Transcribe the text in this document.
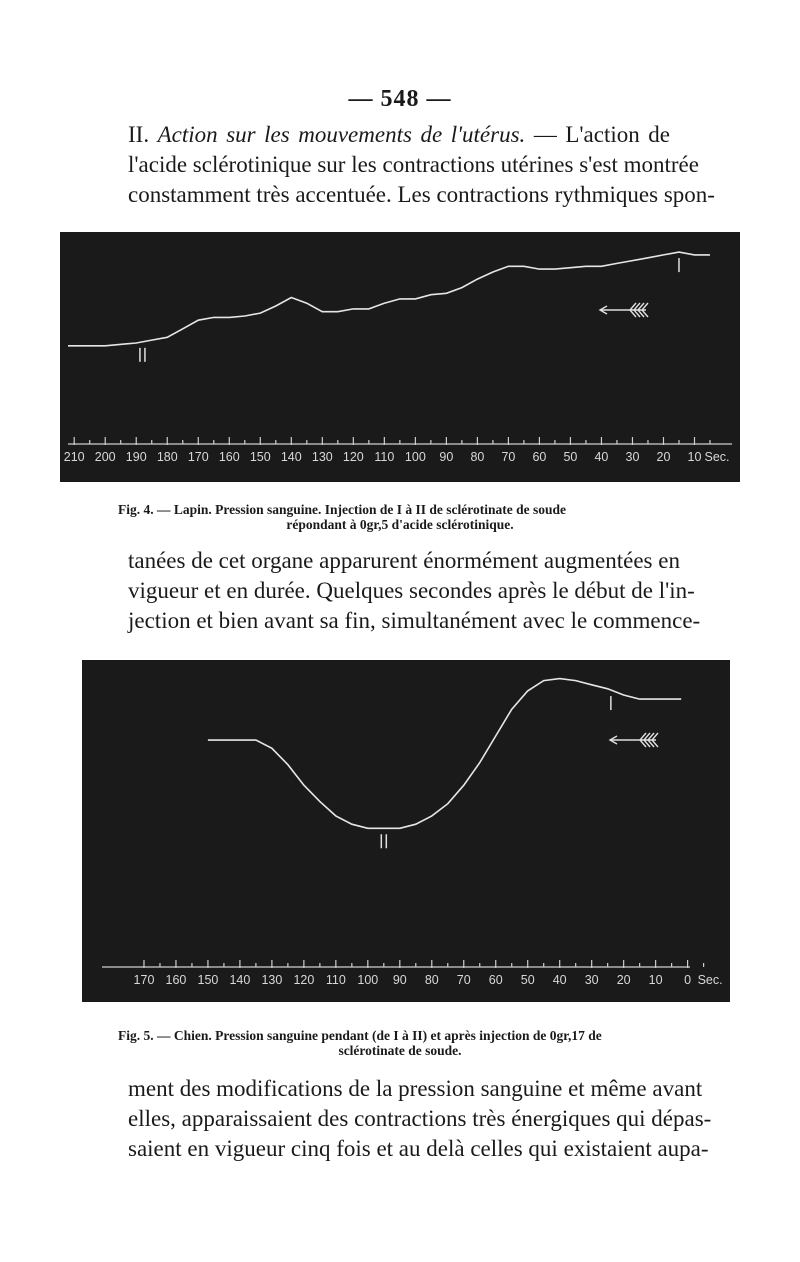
— 548 —
II. Action sur les mouvements de l'utérus. — L'action de
l'acide sclérotinique sur les contractions utérines s'est montrée
constamment très accentuée. Les contractions rythmiques spon-
210 200 190 180 170 160 150 140 130 120 110 100 90 80 70 60 50 40 30 20 10 Sec.

Fig. 4. — Lapin. Pression sanguine. Injection de I à II de sclérotinate de soude
répondant à 0gr,5 d'acide sclérotinique.

tanées de cet organe apparurent énormément augmentées en
vigueur et en durée. Quelques secondes après le début de l'in-
jection et bien avant sa fin, simultanément avec le commence-
170 160 150 140 130 120 110 100 90 80 70 60 50 40 30 20 10 0 Sec.

Fig. 5. — Chien. Pression sanguine pendant (de I à II) et après injection de 0gr,17 de
sclérotinate de soude.

ment des modifications de la pression sanguine et même avant
elles, apparaissaient des contractions très énergiques qui dépas-
saient en vigueur cinq fois et au delà celles qui existaient aupa-
